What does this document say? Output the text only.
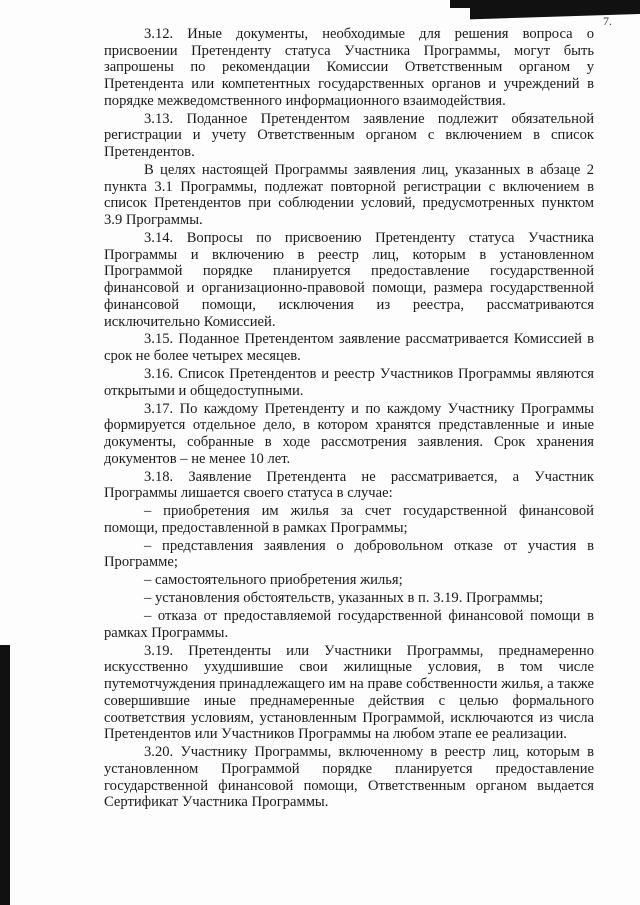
7.

3.12. Иные документы, необходимые для решения вопроса о присвоении Претенденту статуса Участника Программы, могут быть запрошены по рекомендации Комиссии Ответственным органом у Претендента или компетентных государственных органов и учреждений в порядке межведомственного информационного взаимодействия.

3.13. Поданное Претендентом заявление подлежит обязательной регистрации и учету Ответственным органом с включением в список Претендентов.

В целях настоящей Программы заявления лиц, указанных в абзаце 2 пункта 3.1 Программы, подлежат повторной регистрации с включением в список Претендентов при соблюдении условий, предусмотренных пунктом 3.9 Программы.

3.14. Вопросы по присвоению Претенденту статуса Участника Программы и включению в реестр лиц, которым в установленном Программой порядке планируется предоставление государственной финансовой и организационно-правовой помощи, размера государственной финансовой помощи, исключения из реестра, рассматриваются исключительно Комиссией.

3.15. Поданное Претендентом заявление рассматривается Комиссией в срок не более четырех месяцев.

3.16. Список Претендентов и реестр Участников Программы являются открытыми и общедоступными.

3.17. По каждому Претенденту и по каждому Участнику Программы формируется отдельное дело, в котором хранятся представленные и иные документы, собранные в ходе рассмотрения заявления. Срок хранения документов – не менее 10 лет.

3.18. Заявление Претендента не рассматривается, а Участник Программы лишается своего статуса в случае:

– приобретения им жилья за счет государственной финансовой помощи, предоставленной в рамках Программы;

– представления заявления о добровольном отказе от участия в Программе;

– самостоятельного приобретения жилья;

– установления обстоятельств, указанных в п. 3.19. Программы;

– отказа от предоставляемой государственной финансовой помощи в рамках Программы.

3.19. Претенденты или Участники Программы, преднамеренно искусственно ухудшившие свои жилищные условия, в том числе путемотчуждения принадлежащего им на праве собственности жилья, а также совершившие иные преднамеренные действия с целью формального соответствия условиям, установленным Программой, исключаются из числа Претендентов или Участников Программы на любом этапе ее реализации.

3.20. Участнику Программы, включенному в реестр лиц, которым в установленном Программой порядке планируется предоставление государственной финансовой помощи, Ответственным органом выдается Сертификат Участника Программы.
